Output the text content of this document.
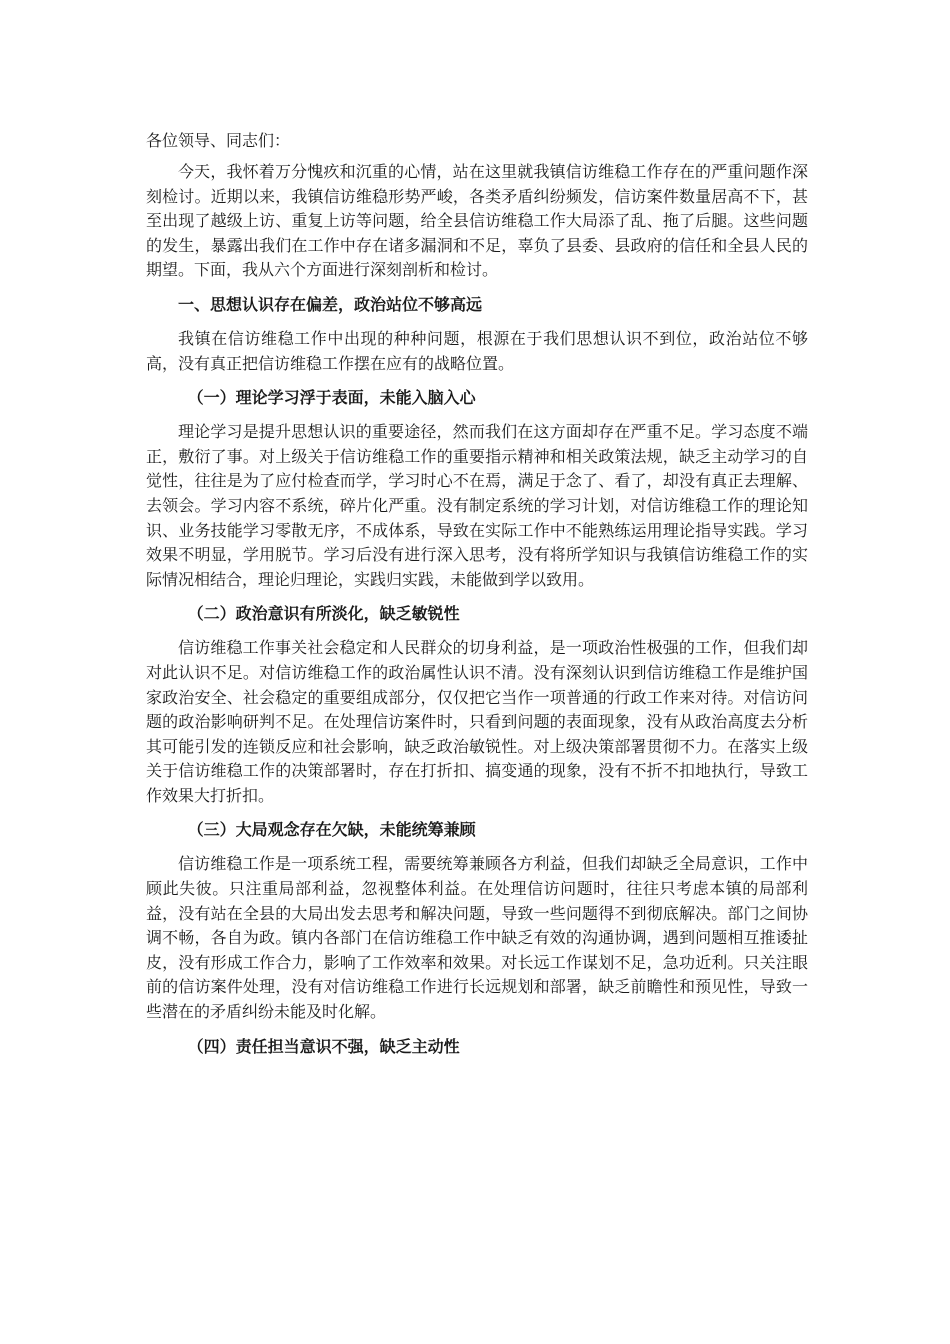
各位领导、同志们：

今天，我怀着万分愧疚和沉重的心情，站在这里就我镇信访维稳工作存在的严重问题作深刻检讨。近期以来，我镇信访维稳形势严峻，各类矛盾纠纷频发，信访案件数量居高不下，甚至出现了越级上访、重复上访等问题，给全县信访维稳工作大局添了乱、拖了后腿。这些问题的发生，暴露出我们在工作中存在诸多漏洞和不足，辜负了县委、县政府的信任和全县人民的期望。下面，我从六个方面进行深刻剖析和检讨。

一、思想认识存在偏差，政治站位不够高远

我镇在信访维稳工作中出现的种种问题，根源在于我们思想认识不到位，政治站位不够高，没有真正把信访维稳工作摆在应有的战略位置。

（一）理论学习浮于表面，未能入脑入心

理论学习是提升思想认识的重要途径，然而我们在这方面却存在严重不足。学习态度不端正，敷衍了事。对上级关于信访维稳工作的重要指示精神和相关政策法规，缺乏主动学习的自觉性，往往是为了应付检查而学，学习时心不在焉，满足于念了、看了，却没有真正去理解、去领会。学习内容不系统，碎片化严重。没有制定系统的学习计划，对信访维稳工作的理论知识、业务技能学习零散无序，不成体系，导致在实际工作中不能熟练运用理论指导实践。学习效果不明显，学用脱节。学习后没有进行深入思考，没有将所学知识与我镇信访维稳工作的实际情况相结合，理论归理论，实践归实践，未能做到学以致用。

（二）政治意识有所淡化，缺乏敏锐性

信访维稳工作事关社会稳定和人民群众的切身利益，是一项政治性极强的工作，但我们却对此认识不足。对信访维稳工作的政治属性认识不清。没有深刻认识到信访维稳工作是维护国家政治安全、社会稳定的重要组成部分，仅仅把它当作一项普通的行政工作来对待。对信访问题的政治影响研判不足。在处理信访案件时，只看到问题的表面现象，没有从政治高度去分析其可能引发的连锁反应和社会影响，缺乏政治敏锐性。对上级决策部署贯彻不力。在落实上级关于信访维稳工作的决策部署时，存在打折扣、搞变通的现象，没有不折不扣地执行，导致工作效果大打折扣。

（三）大局观念存在欠缺，未能统筹兼顾

信访维稳工作是一项系统工程，需要统筹兼顾各方利益，但我们却缺乏全局意识，工作中顾此失彼。只注重局部利益，忽视整体利益。在处理信访问题时，往往只考虑本镇的局部利益，没有站在全县的大局出发去思考和解决问题，导致一些问题得不到彻底解决。部门之间协调不畅，各自为政。镇内各部门在信访维稳工作中缺乏有效的沟通协调，遇到问题相互推诿扯皮，没有形成工作合力，影响了工作效率和效果。对长远工作谋划不足，急功近利。只关注眼前的信访案件处理，没有对信访维稳工作进行长远规划和部署，缺乏前瞻性和预见性，导致一些潜在的矛盾纠纷未能及时化解。

（四）责任担当意识不强，缺乏主动性
